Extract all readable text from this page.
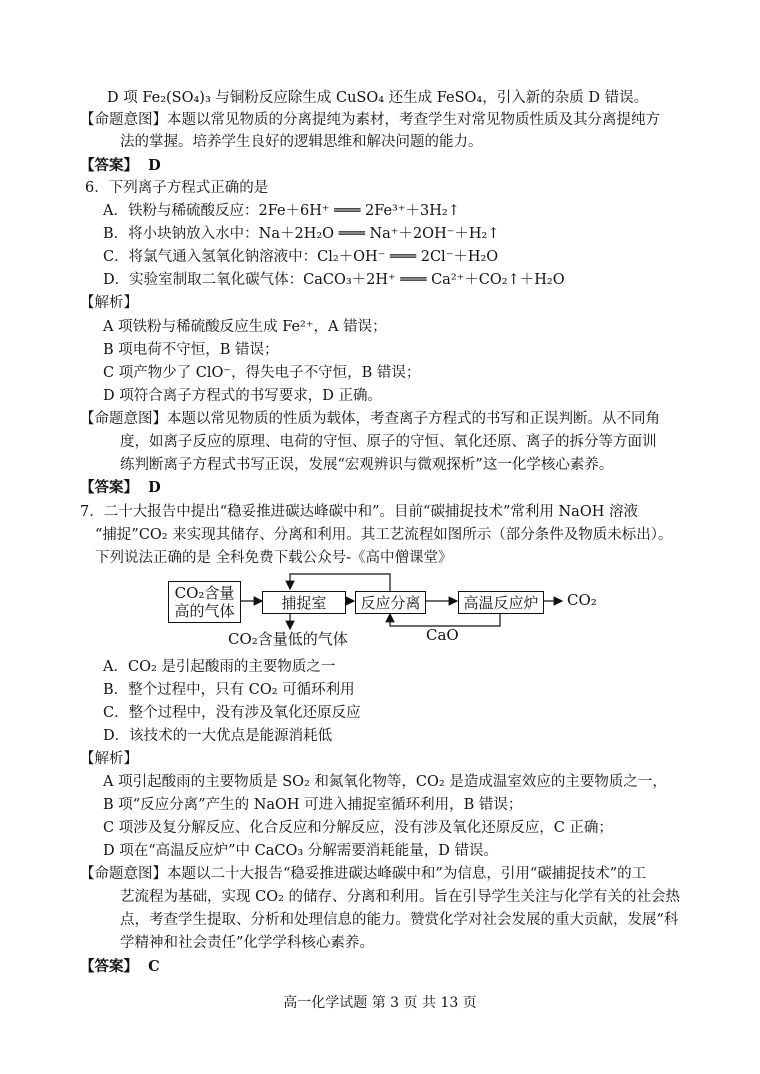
D 项 Fe₂(SO₄)₃ 与铜粉反应除生成 CuSO₄ 还生成 FeSO₄，引入新的杂质 D 错误。
【命题意图】本题以常见物质的分离提纯为素材，考查学生对常见物质性质及其分离提纯方
法的掌握。培养学生良好的逻辑思维和解决问题的能力。
【答案】 D
6．下列离子方程式正确的是
A．铁粉与稀硫酸反应：2Fe＋6H⁺ ═══ 2Fe³⁺＋3H₂↑
B．将小块钠放入水中：Na＋2H₂O ═══ Na⁺＋2OH⁻＋H₂↑
C．将氯气通入氢氧化钠溶液中：Cl₂＋OH⁻ ═══ 2Cl⁻＋H₂O
D．实验室制取二氧化碳气体：CaCO₃＋2H⁺ ═══ Ca²⁺＋CO₂↑＋H₂O
【解析】
A 项铁粉与稀硫酸反应生成 Fe²⁺，A 错误；
B 项电荷不守恒，B 错误；
C 项产物少了 ClO⁻，得失电子不守恒，B 错误；
D 项符合离子方程式的书写要求，D 正确。
【命题意图】本题以常见物质的性质为载体，考查离子方程式的书写和正误判断。从不同角
度，如离子反应的原理、电荷的守恒、原子的守恒、氧化还原、离子的拆分等方面训
练判断离子方程式书写正误，发展“宏观辨识与微观探析”这一化学核心素养。
【答案】 D
7．二十大报告中提出“稳妥推进碳达峰碳中和”。目前“碳捕捉技术”常利用 NaOH 溶液
“捕捉”CO₂ 来实现其储存、分离和利用。其工艺流程如图所示（部分条件及物质未标出）。
下列说法正确的是 全科免费下载公众号-《高中僧课堂》
CO₂含量高的气体	捕捉室	反应分离	高温反应炉	CO₂
CO₂含量低的气体	CaO
A．CO₂ 是引起酸雨的主要物质之一
B．整个过程中，只有 CO₂ 可循环利用
C．整个过程中，没有涉及氧化还原反应
D．该技术的一大优点是能源消耗低
【解析】
A 项引起酸雨的主要物质是 SO₂ 和氮氧化物等，CO₂ 是造成温室效应的主要物质之一，
B 项“反应分离”产生的 NaOH 可进入捕捉室循环利用，B 错误；
C 项涉及复分解反应、化合反应和分解反应，没有涉及氧化还原反应，C 正确；
D 项在“高温反应炉”中 CaCO₃ 分解需要消耗能量，D 错误。
【命题意图】本题以二十大报告“稳妥推进碳达峰碳中和”为信息，引用“碳捕捉技术”的工
艺流程为基础，实现 CO₂ 的储存、分离和利用。旨在引导学生关注与化学有关的社会热
点，考查学生提取、分析和处理信息的能力。赞赏化学对社会发展的重大贡献，发展“科
学精神和社会责任”化学学科核心素养。
【答案】 C
高一化学试题 第 3 页 共 13 页
